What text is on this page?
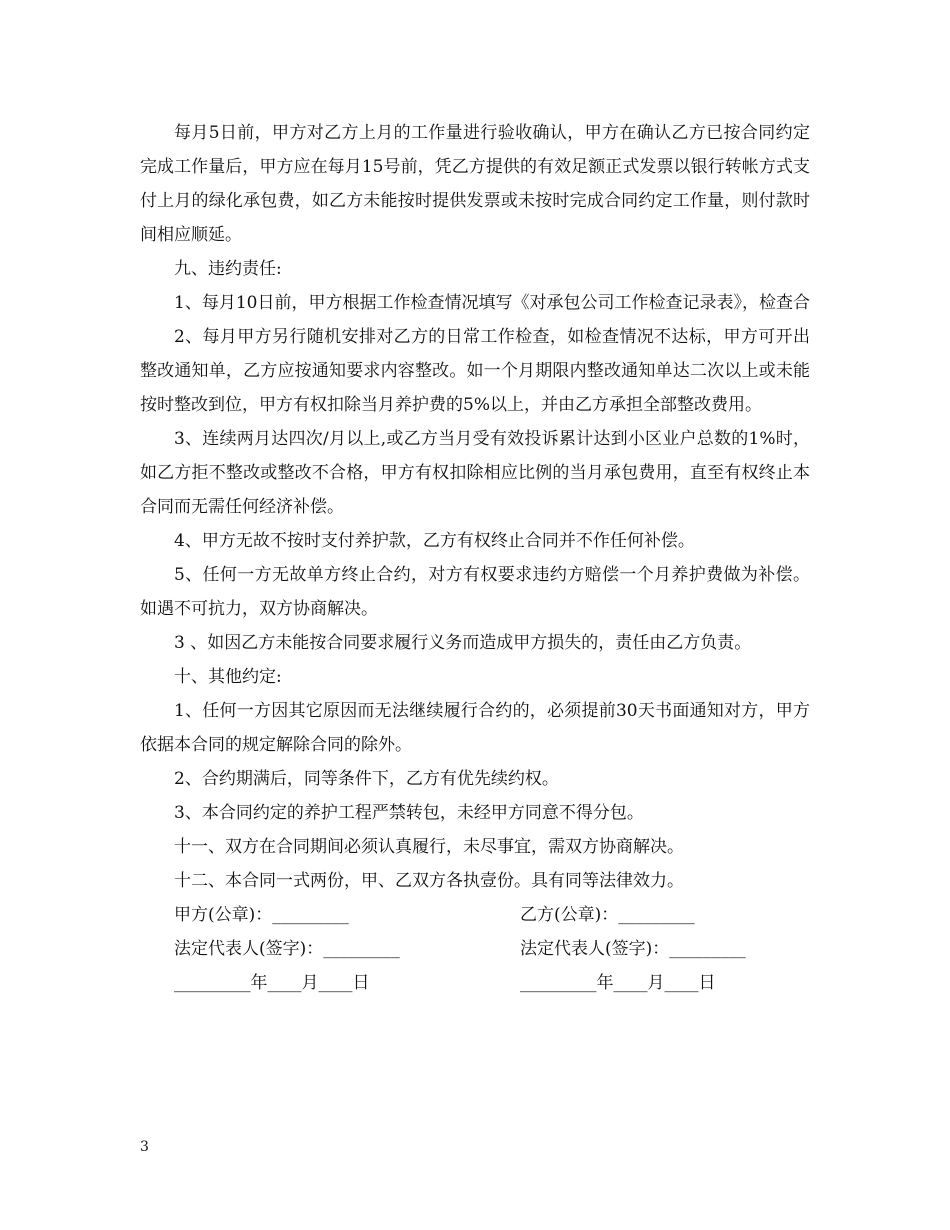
每月5日前，甲方对乙方上月的工作量进行验收确认，甲方在确认乙方已按合同约定完成工作量后，甲方应在每月15号前，凭乙方提供的有效足额正式发票以银行转帐方式支付上月的绿化承包费，如乙方未能按时提供发票或未按时完成合同约定工作量，则付款时间相应顺延。

九、违约责任:

1、每月10日前，甲方根据工作检查情况填写《对承包公司工作检查记录表》，检查合

2、每月甲方另行随机安排对乙方的日常工作检查，如检查情况不达标，甲方可开出整改通知单，乙方应按通知要求内容整改。如一个月期限内整改通知单达二次以上或未能按时整改到位，甲方有权扣除当月养护费的5%以上，并由乙方承担全部整改费用。

3、连续两月达四次/月以上,或乙方当月受有效投诉累计达到小区业户总数的1%时，如乙方拒不整改或整改不合格，甲方有权扣除相应比例的当月承包费用，直至有权终止本合同而无需任何经济补偿。

4、甲方无故不按时支付养护款，乙方有权终止合同并不作任何补偿。

5、任何一方无故单方终止合约，对方有权要求违约方赔偿一个月养护费做为补偿。如遇不可抗力，双方协商解决。

3 、如因乙方未能按合同要求履行义务而造成甲方损失的，责任由乙方负责。

十、其他约定:

1、任何一方因其它原因而无法继续履行合约的，必须提前30天书面通知对方，甲方依据本合同的规定解除合同的除外。

2、合约期满后，同等条件下，乙方有优先续约权。

3、本合同约定的养护工程严禁转包，未经甲方同意不得分包。

十一、双方在合同期间必须认真履行，未尽事宜，需双方协商解决。

十二、本合同一式两份，甲、乙双方各执壹份。具有同等法律效力。

甲方(公章)：_________	乙方(公章)：_________
法定代表人(签字)：_________	法定代表人(签字)：_________
_________年____月____日	_________年____月____日
3
